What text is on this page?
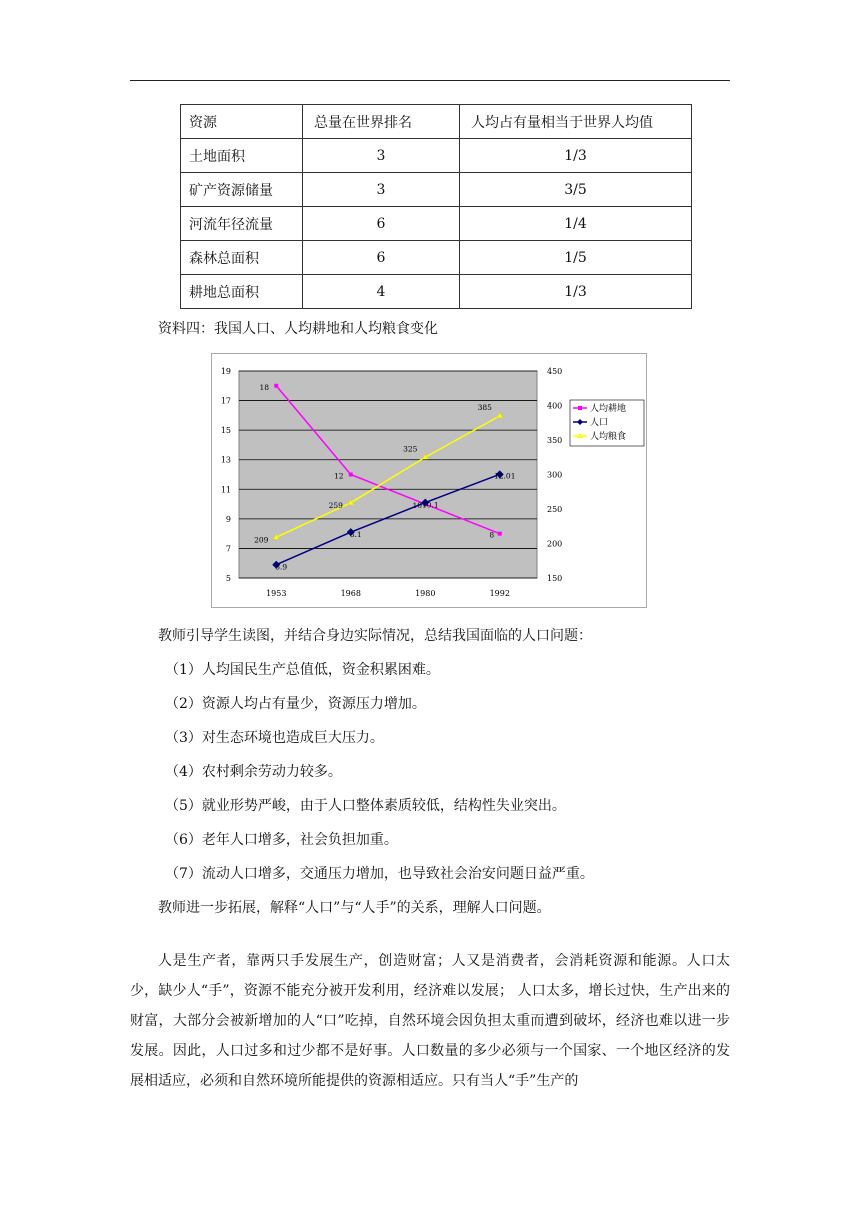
资源	总量在世界排名	人均占有量相当于世界人均值
土地面积	3	1/3
矿产资源储量	3	3/5
河流年径流量	6	1/4
森林总面积	6	1/5
耕地总面积	4	1/3
资料四：我国人口、人均耕地和人均粮食变化
5
7
9
11
13
15
17
19
150
200
250
300
350
400
450
1953	1968	1980	1992
18
12
10
8
5.9
8.1
10.1
12.01
209
259
325
385	人均耕地
人口
人均粮食
教师引导学生读图，并结合身边实际情况，总结我国面临的人口问题：
（1）人均国民生产总值低，资金积累困难。
（2）资源人均占有量少，资源压力增加。
（3）对生态环境也造成巨大压力。
（4）农村剩余劳动力较多。
（5）就业形势严峻，由于人口整体素质较低，结构性失业突出。
（6）老年人口增多，社会负担加重。
（7）流动人口增多，交通压力增加，也导致社会治安问题日益严重。
教师进一步拓展，解释“人口”与“人手”的关系，理解人口问题。

人是生产者，靠两只手发展生产，创造财富；人又是消费者，会消耗资源和能源。人口太少，缺少人“手”，资源不能充分被开发利用，经济难以发展； 人口太多，增长过快，生产出来的财富，大部分会被新增加的人“口”吃掉，自然环境会因负担太重而遭到破坏，经济也难以进一步发展。因此，人口过多和过少都不是好事。人口数量的多少必须与一个国家、一个地区经济的发展相适应，必须和自然环境所能提供的资源相适应。只有当人“手”生产的
